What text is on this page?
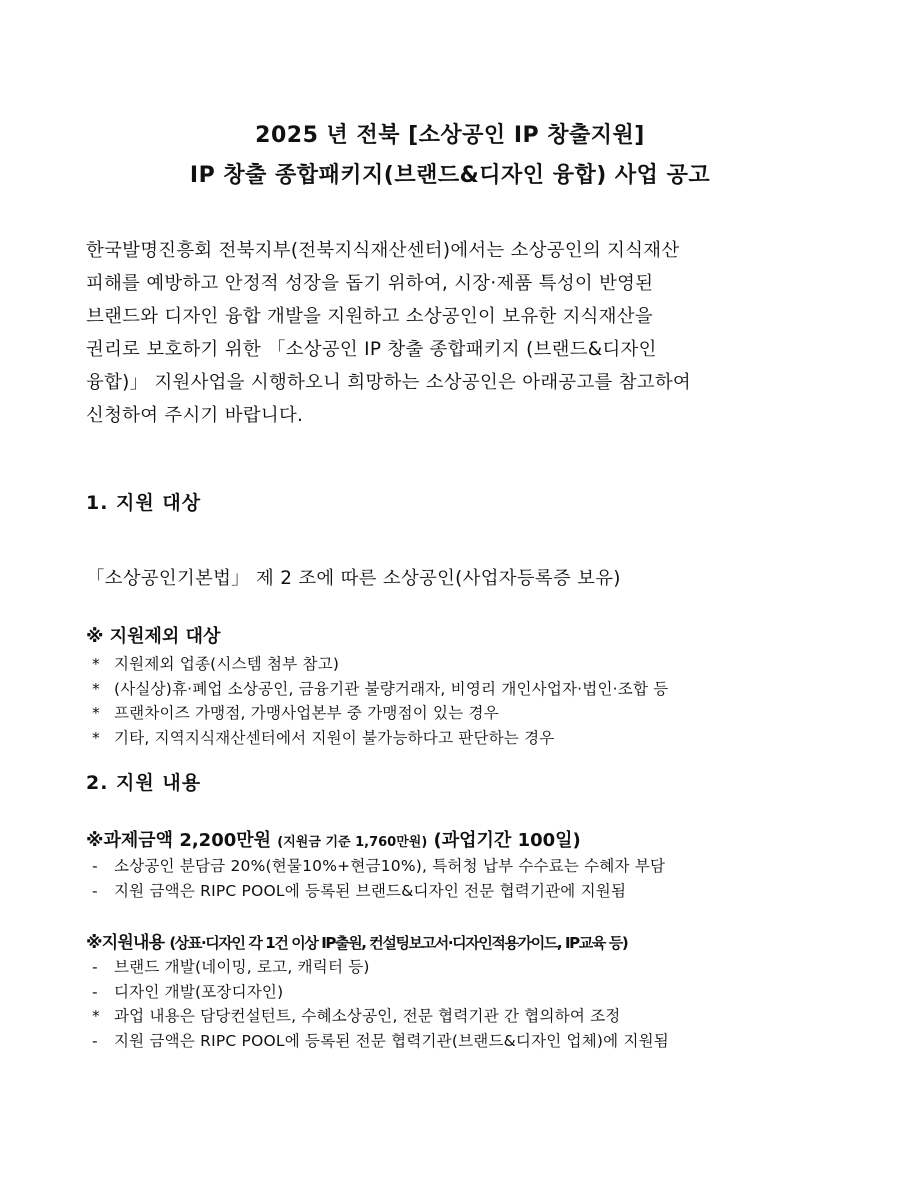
2025 년 전북 [소상공인 IP 창출지원]
IP 창출 종합패키지(브랜드&디자인 융합) 사업 공고
한국발명진흥회 전북지부(전북지식재산센터)에서는 소상공인의 지식재산
피해를 예방하고 안정적 성장을 돕기 위하여, 시장·제품 특성이 반영된
브랜드와 디자인 융합 개발을 지원하고 소상공인이 보유한 지식재산을
권리로 보호하기 위한 「소상공인 IP 창출 종합패키지 (브랜드&디자인
융합)」 지원사업을 시행하오니 희망하는 소상공인은 아래공고를 참고하여
신청하여 주시기 바랍니다.
1. 지원 대상
「소상공인기본법」 제 2 조에 따른 소상공인(사업자등록증 보유)
※ 지원제외 대상
* 지원제외 업종(시스템 첨부 참고)
* (사실상)휴·폐업 소상공인, 금융기관 불량거래자, 비영리 개인사업자·법인·조합 등
* 프랜차이즈 가맹점, 가맹사업본부 중 가맹점이 있는 경우
* 기타, 지역지식재산센터에서 지원이 불가능하다고 판단하는 경우
2. 지원 내용
※과제금액 2,200만원 (지원금 기준 1,760만원) (과업기간 100일)
- 소상공인 분담금 20%(현물10%+현금10%), 특허청 납부 수수료는 수혜자 부담
- 지원 금액은 RIPC POOL에 등록된 브랜드&디자인 전문 협력기관에 지원됨
※지원내용 (상표·디자인 각 1건 이상 IP출원, 컨설팅보고서·디자인적용가이드, IP교육 등)
- 브랜드 개발(네이밍, 로고, 캐릭터 등)
- 디자인 개발(포장디자인)
* 과업 내용은 담당컨설턴트, 수혜소상공인, 전문 협력기관 간 협의하여 조정
- 지원 금액은 RIPC POOL에 등록된 전문 협력기관(브랜드&디자인 업체)에 지원됨
